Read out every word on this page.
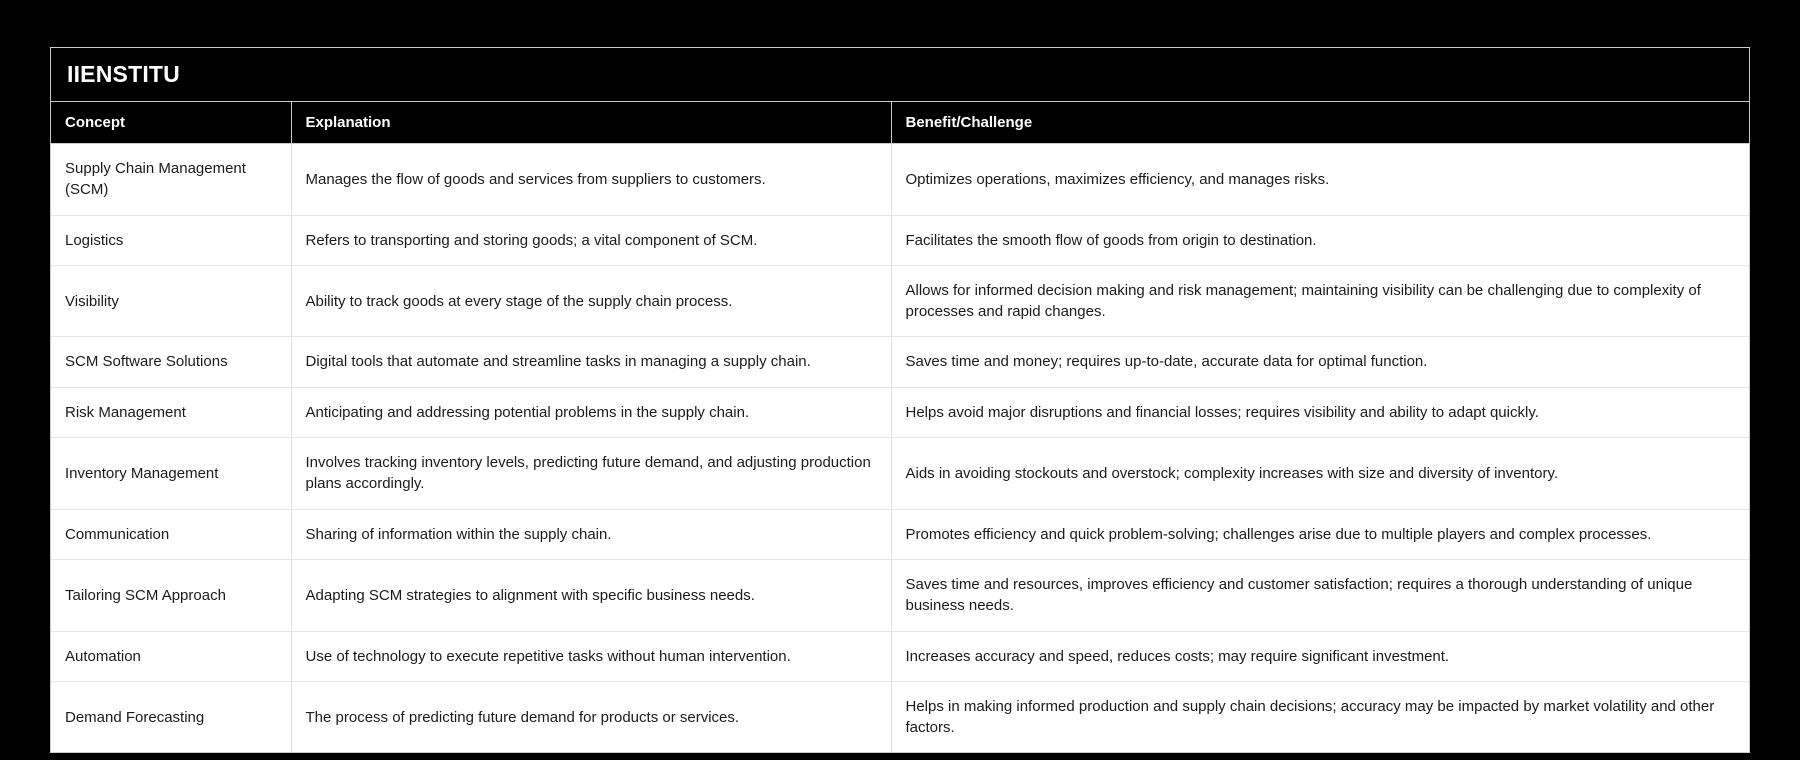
IIENSTITU
Concept	Explanation	Benefit/Challenge
Supply Chain Management (SCM)	Manages the flow of goods and services from suppliers to customers.	Optimizes operations, maximizes efficiency, and manages risks.
Logistics	Refers to transporting and storing goods; a vital component of SCM.	Facilitates the smooth flow of goods from origin to destination.
Visibility	Ability to track goods at every stage of the supply chain process.	Allows for informed decision making and risk management; maintaining visibility can be challenging due to complexity of processes and rapid changes.
SCM Software Solutions	Digital tools that automate and streamline tasks in managing a supply chain.	Saves time and money; requires up-to-date, accurate data for optimal function.
Risk Management	Anticipating and addressing potential problems in the supply chain.	Helps avoid major disruptions and financial losses; requires visibility and ability to adapt quickly.
Inventory Management	Involves tracking inventory levels, predicting future demand, and adjusting production plans accordingly.	Aids in avoiding stockouts and overstock; complexity increases with size and diversity of inventory.
Communication	Sharing of information within the supply chain.	Promotes efficiency and quick problem-solving; challenges arise due to multiple players and complex processes.
Tailoring SCM Approach	Adapting SCM strategies to alignment with specific business needs.	Saves time and resources, improves efficiency and customer satisfaction; requires a thorough understanding of unique business needs.
Automation	Use of technology to execute repetitive tasks without human intervention.	Increases accuracy and speed, reduces costs; may require significant investment.
Demand Forecasting	The process of predicting future demand for products or services.	Helps in making informed production and supply chain decisions; accuracy may be impacted by market volatility and other factors.
